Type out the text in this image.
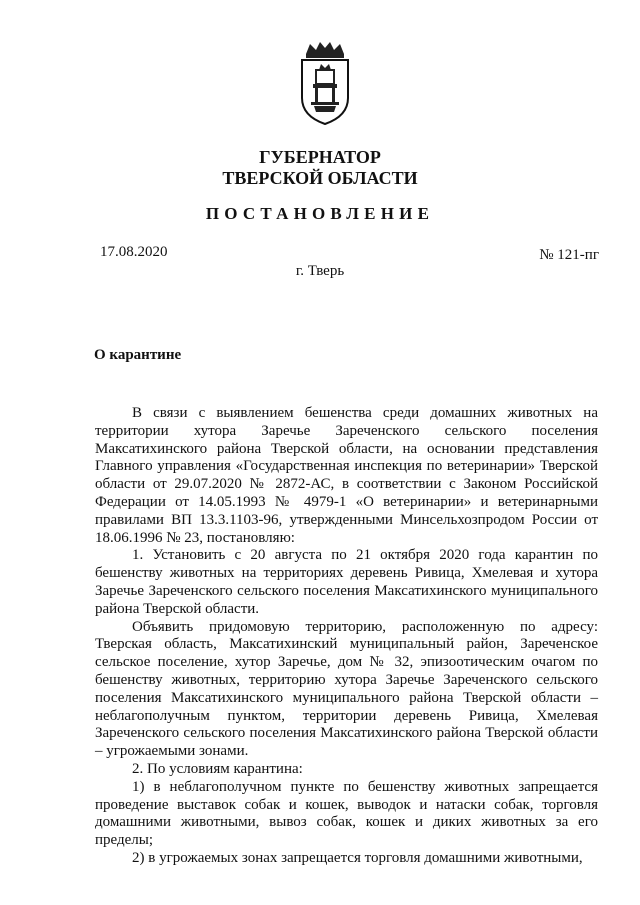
ГУБЕРНАТОР
ТВЕРСКОЙ ОБЛАСТИ
ПОСТАНОВЛЕНИЕ
17.08.2020	№ 121-пг
г. Тверь
О карантине

В связи с выявлением бешенства среди домашних животных на территории хутора Заречье Зареченского сельского поселения Максатихинского района Тверской области, на основании представления Главного управления «Государственная инспекция по ветеринарии» Тверской области от 29.07.2020 № 2872-АС, в соответствии с Законом Российской Федерации от 14.05.1993 № 4979-1 «О ветеринарии» и ветеринарными правилами ВП 13.3.1103-96, утвержденными Минсельхозпродом России от 18.06.1996 № 23, постановляю:

1. Установить с 20 августа по 21 октября 2020 года карантин по бешенству животных на территориях деревень Ривица, Хмелевая и хутора Заречье Зареченского сельского поселения Максатихинского муниципального района Тверской области.

Объявить придомовую территорию, расположенную по адресу: Тверская область, Максатихинский муниципальный район, Зареченское сельское поселение, хутор Заречье, дом № 32, эпизоотическим очагом по бешенству животных, территорию хутора Заречье Зареченского сельского поселения Максатихинского муниципального района Тверской области – неблагополучным пунктом, территории деревень Ривица, Хмелевая Зареченского сельского поселения Максатихинского района Тверской области – угрожаемыми зонами.

2. По условиям карантина:

1) в неблагополучном пункте по бешенству животных запрещается проведение выставок собак и кошек, выводок и натаски собак, торговля домашними животными, вывоз собак, кошек и диких животных за его пределы;

2) в угрожаемых зонах запрещается торговля домашними животными,
